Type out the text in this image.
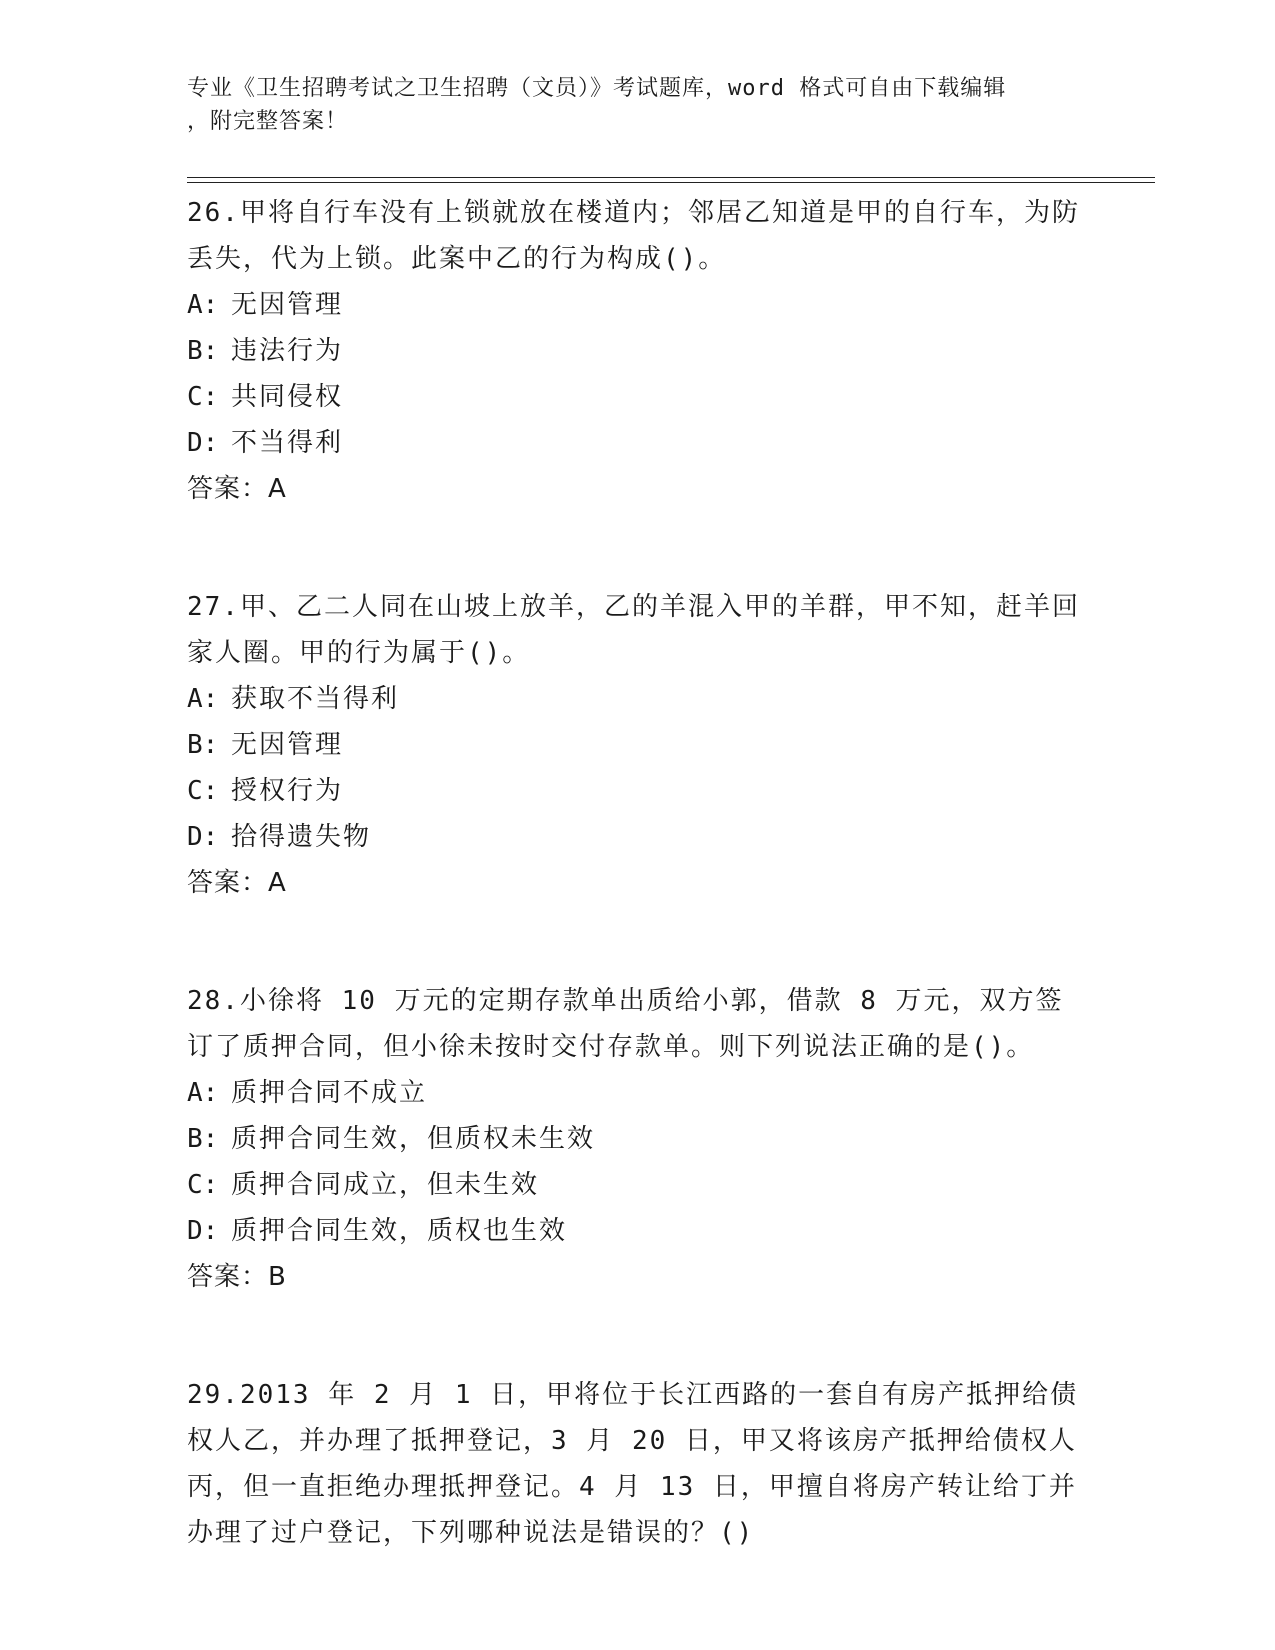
专业《卫生招聘考试之卫生招聘（文员）》考试题库，word 格式可自由下载编辑
，附完整答案！
26.甲将自行车没有上锁就放在楼道内；邻居乙知道是甲的自行车，为防丢失，代为上锁。此案中乙的行为构成()。
A: 无因管理
B: 违法行为
C: 共同侵权
D: 不当得利
答案：A
27.甲、乙二人同在山坡上放羊，乙的羊混入甲的羊群，甲不知，赶羊回家人圈。甲的行为属于()。
A: 获取不当得利
B: 无因管理
C: 授权行为
D: 拾得遗失物
答案：A
28.小徐将 10 万元的定期存款单出质给小郭，借款 8 万元，双方签订了质押合同，但小徐未按时交付存款单。则下列说法正确的是()。
A: 质押合同不成立
B: 质押合同生效，但质权未生效
C: 质押合同成立，但未生效
D: 质押合同生效，质权也生效
答案：B
29.2013 年 2 月 1 日，甲将位于长江西路的一套自有房产抵押给债权人乙，并办理了抵押登记，3 月 20 日，甲又将该房产抵押给债权人丙，但一直拒绝办理抵押登记。4 月 13 日，甲擅自将房产转让给丁并办理了过户登记，下列哪种说法是错误的？()
